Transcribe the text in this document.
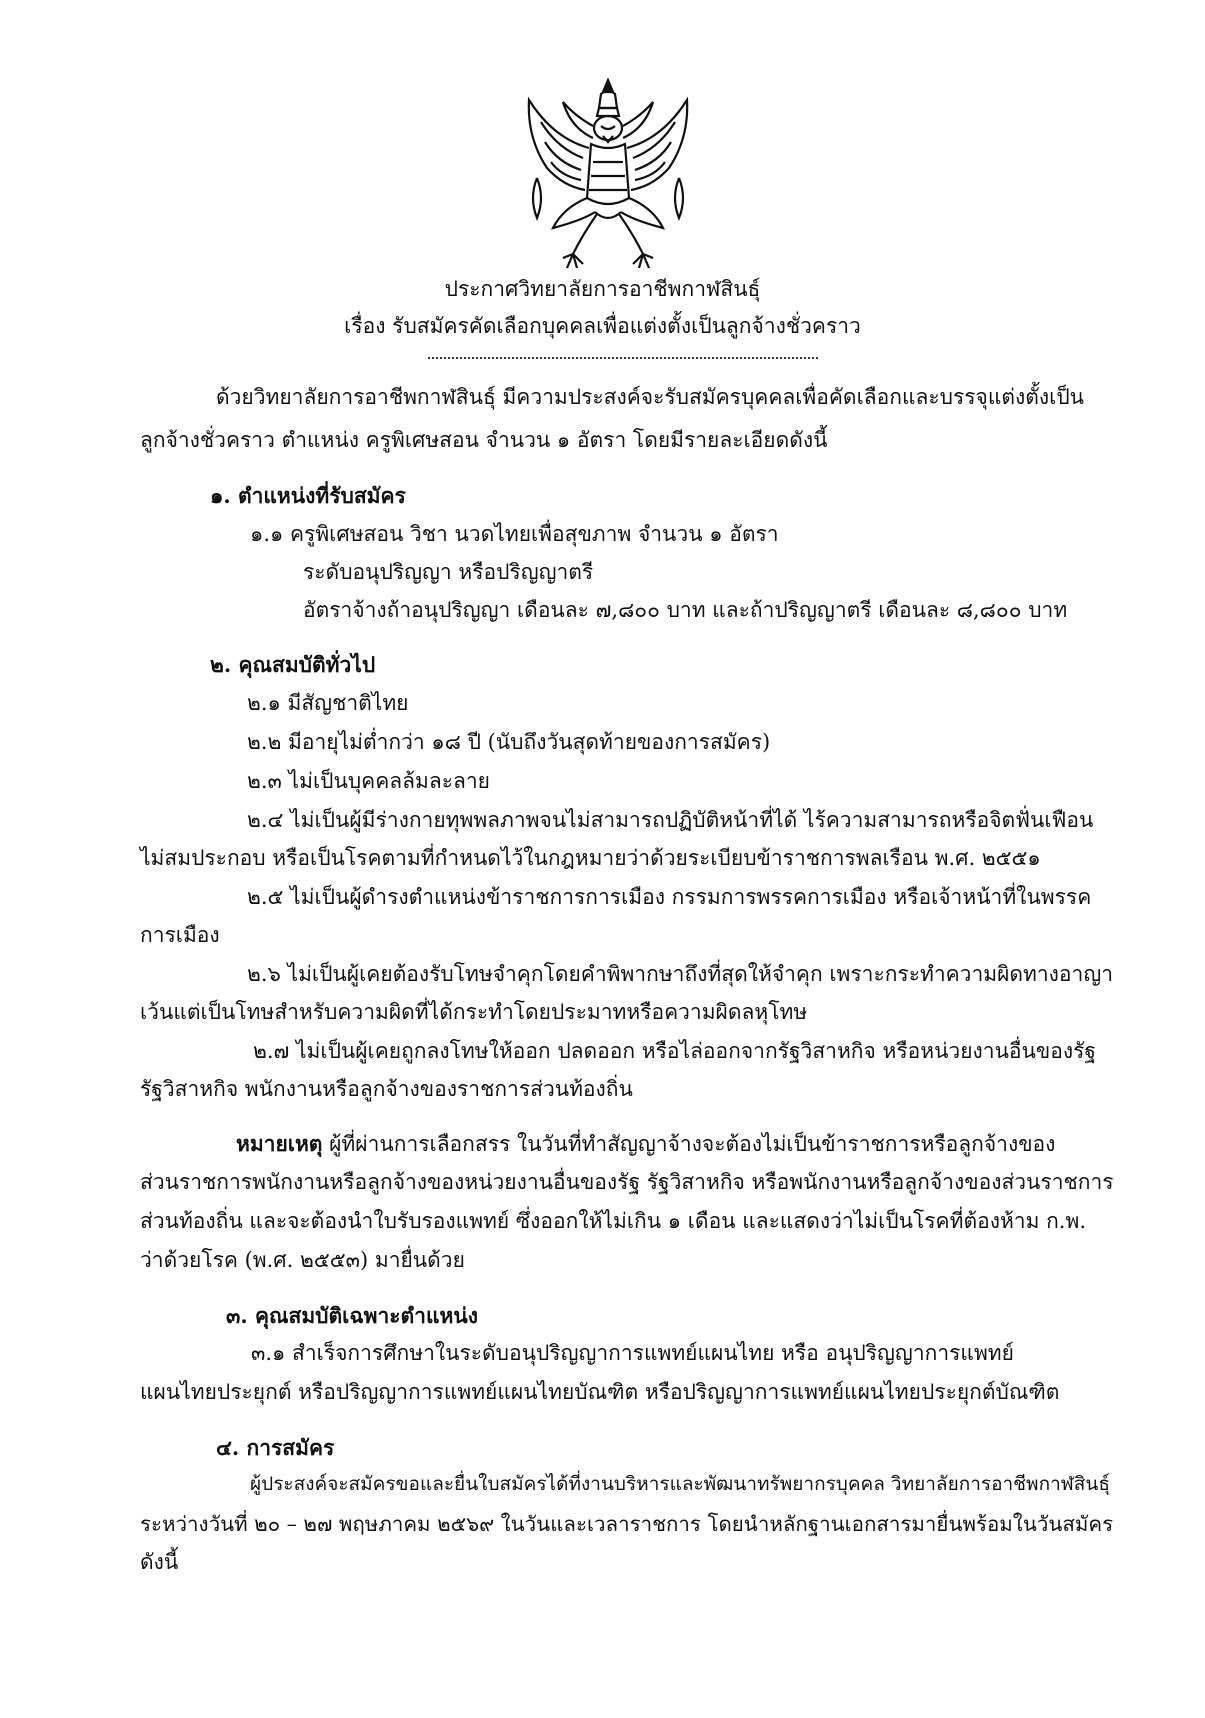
ประกาศวิทยาลัยการอาชีพกาฬสินธุ์
เรื่อง รับสมัครคัดเลือกบุคคลเพื่อแต่งตั้งเป็นลูกจ้างชั่วคราว
ด้วยวิทยาลัยการอาชีพกาฬสินธุ์ มีความประสงค์จะรับสมัครบุคคลเพื่อคัดเลือกและบรรจุแต่งตั้งเป็น
ลูกจ้างชั่วคราว ตำแหน่ง ครูพิเศษสอน จำนวน ๑ อัตรา โดยมีรายละเอียดดังนี้
๑. ตำแหน่งที่รับสมัคร
๑.๑ ครูพิเศษสอน วิชา นวดไทยเพื่อสุขภาพ จำนวน ๑ อัตรา
ระดับอนุปริญญา หรือปริญญาตรี
อัตราจ้างถ้าอนุปริญญา เดือนละ ๗,๘๐๐ บาท และถ้าปริญญาตรี เดือนละ ๘,๘๐๐ บาท
๒. คุณสมบัติทั่วไป
๒.๑ มีสัญชาติไทย
๒.๒ มีอายุไม่ต่ำกว่า ๑๘ ปี (นับถึงวันสุดท้ายของการสมัคร)
๒.๓ ไม่เป็นบุคคลล้มละลาย
๒.๔ ไม่เป็นผู้มีร่างกายทุพพลภาพจนไม่สามารถปฏิบัติหน้าที่ได้ ไร้ความสามารถหรือจิตฟั่นเฟือน
ไม่สมประกอบ หรือเป็นโรคตามที่กำหนดไว้ในกฎหมายว่าด้วยระเบียบข้าราชการพลเรือน พ.ศ. ๒๕๕๑
๒.๕ ไม่เป็นผู้ดำรงตำแหน่งข้าราชการการเมือง กรรมการพรรคการเมือง หรือเจ้าหน้าที่ในพรรค
การเมือง
๒.๖ ไม่เป็นผู้เคยต้องรับโทษจำคุกโดยคำพิพากษาถึงที่สุดให้จำคุก เพราะกระทำความผิดทางอาญา
เว้นแต่เป็นโทษสำหรับความผิดที่ได้กระทำโดยประมาทหรือความผิดลหุโทษ
๒.๗ ไม่เป็นผู้เคยถูกลงโทษให้ออก ปลดออก หรือไล่ออกจากรัฐวิสาหกิจ หรือหน่วยงานอื่นของรัฐ
รัฐวิสาหกิจ พนักงานหรือลูกจ้างของราชการส่วนท้องถิ่น
หมายเหตุ ผู้ที่ผ่านการเลือกสรร ในวันที่ทำสัญญาจ้างจะต้องไม่เป็นข้าราชการหรือลูกจ้างของ
ส่วนราชการพนักงานหรือลูกจ้างของหน่วยงานอื่นของรัฐ รัฐวิสาหกิจ หรือพนักงานหรือลูกจ้างของส่วนราชการ
ส่วนท้องถิ่น และจะต้องนำใบรับรองแพทย์ ซึ่งออกให้ไม่เกิน ๑ เดือน และแสดงว่าไม่เป็นโรคที่ต้องห้าม ก.พ.
ว่าด้วยโรค (พ.ศ. ๒๕๕๓) มายื่นด้วย
๓. คุณสมบัติเฉพาะตำแหน่ง
๓.๑ สำเร็จการศึกษาในระดับอนุปริญญาการแพทย์แผนไทย หรือ อนุปริญญาการแพทย์
แผนไทยประยุกต์ หรือปริญญาการแพทย์แผนไทยบัณฑิต หรือปริญญาการแพทย์แผนไทยประยุกต์บัณฑิต
๔. การสมัคร
ผู้ประสงค์จะสมัครขอและยื่นใบสมัครได้ที่งานบริหารและพัฒนาทรัพยากรบุคคล วิทยาลัยการอาชีพกาฬสินธุ์
ระหว่างวันที่ ๒๐ – ๒๗ พฤษภาคม ๒๕๖๙ ในวันและเวลาราชการ โดยนำหลักฐานเอกสารมายื่นพร้อมในวันสมัคร
ดังนี้
